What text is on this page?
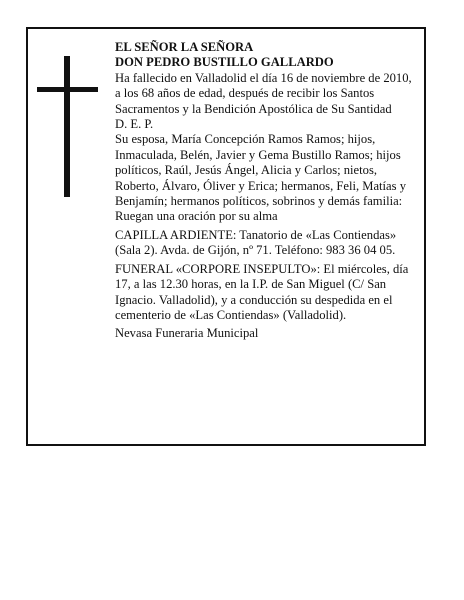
EL SEÑOR LA SEÑORA

DON PEDRO BUSTILLO GALLARDO

Ha fallecido en Valladolid el día 16 de noviembre de 2010, a los 68 años de edad, después de recibir los Santos Sacramentos y la Bendición Apostólica de Su Santidad

D. E. P.

Su esposa, María Concepción Ramos Ramos; hijos, Inmaculada, Belén, Javier y Gema Bustillo Ramos; hijos políticos, Raúl, Jesús Ángel, Alicia y Carlos; nietos, Roberto, Álvaro, Óliver y Erica; hermanos, Feli, Matías y Benjamín; hermanos políticos, sobrinos y demás familia:

Ruegan una oración por su alma

CAPILLA ARDIENTE: Tanatorio de «Las Contiendas» (Sala 2). Avda. de Gijón, nº 71. Teléfono: 983 36 04 05.

FUNERAL «CORPORE INSEPULTO»: El miércoles, día 17, a las 12.30 horas, en la I.P. de San Miguel (C/ San Ignacio. Valladolid), y a conducción su despedida en el cementerio de «Las Contiendas» (Valladolid).

Nevasa Funeraria Municipal
